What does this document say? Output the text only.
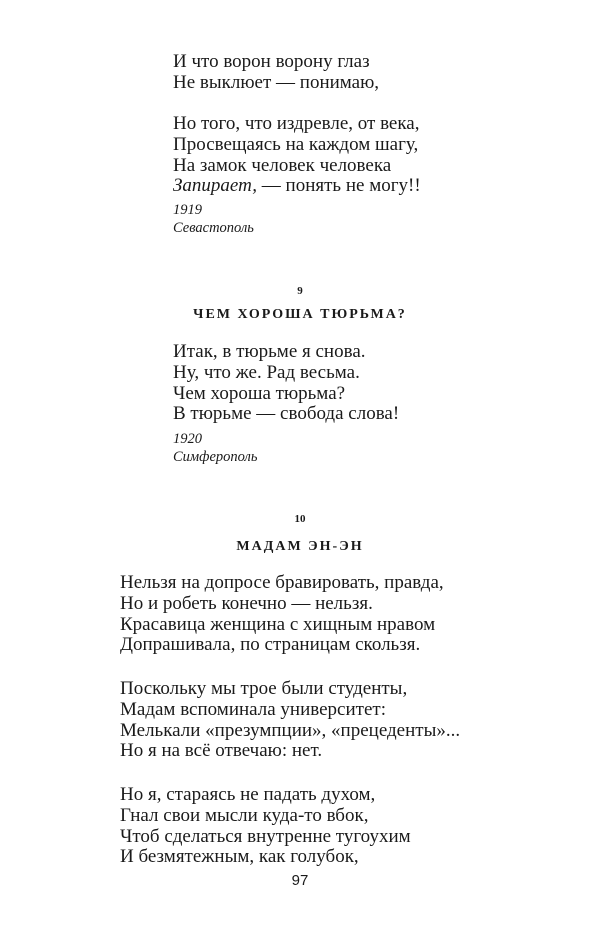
И что ворон ворону глаз
Не выклюет — понимаю,
Но того, что издревле, от века,
Просвещаясь на каждом шагу,
На замок человек человека
Запирает, — понять не могу!!
1919
Севастополь
9
ЧЕМ ХОРОША ТЮРЬМА?
Итак, в тюрьме я снова.
Ну, что же. Рад весьма.
Чем хороша тюрьма?
В тюрьме — свобода слова!
1920
Симферополь
10
МАДАМ ЭН-ЭН
Нельзя на допросе бравировать, правда,
Но и робеть конечно — нельзя.
Красавица женщина с хищным нравом
Допрашивала, по страницам скользя.
Поскольку мы трое были студенты,
Мадам вспоминала университет:
Мелькали «презумпции», «прецеденты»...
Но я на всё отвечаю: нет.
Но я, стараясь не падать духом,
Гнал свои мысли куда-то вбок,
Чтоб сделаться внутренне тугоухим
И безмятежным, как голубок,
97
